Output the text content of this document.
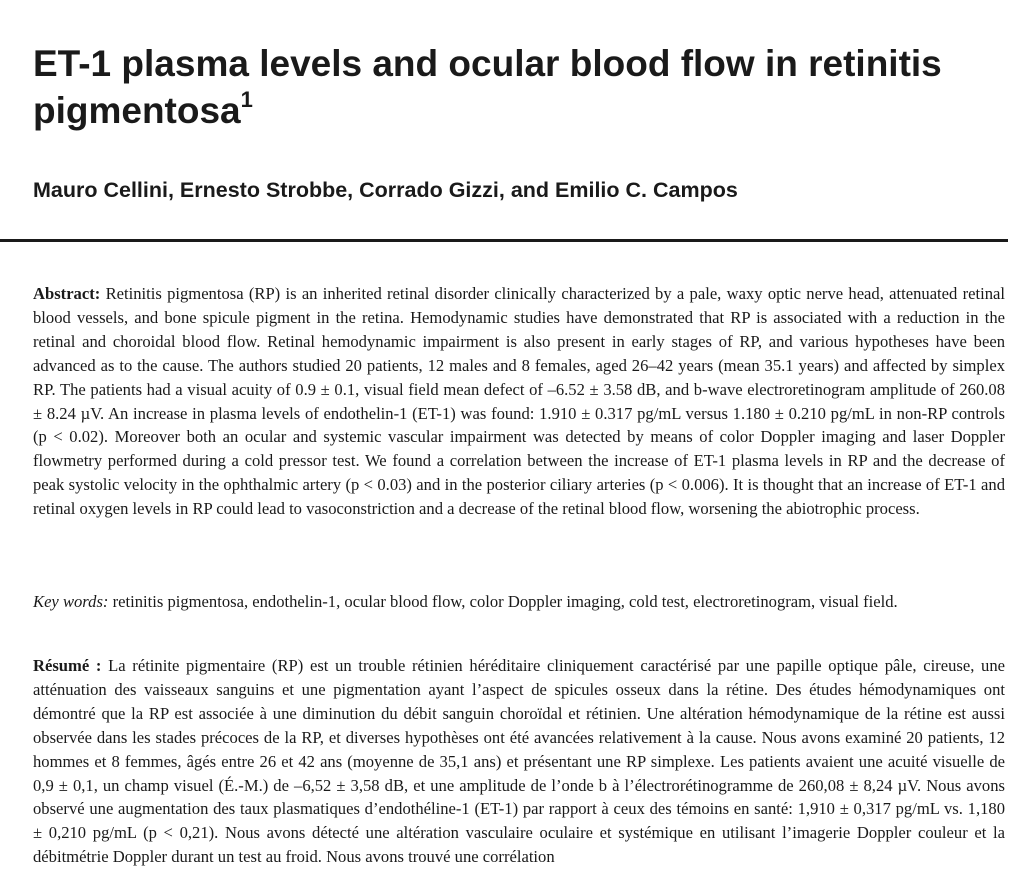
ET-1 plasma levels and ocular blood flow in retinitis pigmentosa$^1$

Mauro Cellini, Ernesto Strobbe, Corrado Gizzi, and Emilio C. Campos

Abstract: Retinitis pigmentosa (RP) is an inherited retinal disorder clinically characterized by a pale, waxy optic nerve head, attenuated retinal blood vessels, and bone spicule pigment in the retina. Hemodynamic studies have demonstrated that RP is associated with a reduction in the retinal and choroidal blood flow. Retinal hemodynamic impairment is also present in early stages of RP, and various hypotheses have been advanced as to the cause. The authors studied 20 patients, 12 males and 8 females, aged 26–42 years (mean 35.1 years) and affected by simplex RP. The patients had a visual acuity of 0.9 ± 0.1, visual field mean defect of –6.52 ± 3.58 dB, and b-wave electroretinogram amplitude of 260.08 ± 8.24 µV. An increase in plasma levels of endothelin-1 (ET-1) was found: 1.910 ± 0.317 pg/mL versus 1.180 ± 0.210 pg/mL in non-RP controls (p < 0.02). Moreover both an ocular and systemic vascular impairment was detected by means of color Doppler imaging and laser Doppler flowmetry performed during a cold pressor test. We found a correlation between the increase of ET-1 plasma levels in RP and the decrease of peak systolic velocity in the ophthalmic artery (p < 0.03) and in the posterior ciliary arteries (p < 0.006). It is thought that an increase of ET-1 and retinal oxygen levels in RP could lead to vasoconstriction and a decrease of the retinal blood flow, worsening the abiotrophic process.

Key words: retinitis pigmentosa, endothelin-1, ocular blood flow, color Doppler imaging, cold test, electroretinogram, visual field.

Résumé : La rétinite pigmentaire (RP) est un trouble rétinien héréditaire cliniquement caractérisé par une papille optique pâle, cireuse, une atténuation des vaisseaux sanguins et une pigmentation ayant l’aspect de spicules osseux dans la rétine. Des études hémodynamiques ont démontré que la RP est associée à une diminution du débit sanguin choroïdal et rétinien. Une altération hémodynamique de la rétine est aussi observée dans les stades précoces de la RP, et diverses hypothèses ont été avancées relativement à la cause. Nous avons examiné 20 patients, 12 hommes et 8 femmes, âgés entre 26 et 42 ans (moyenne de 35,1 ans) et présentant une RP simplexe. Les patients avaient une acuité visuelle de 0,9 ± 0,1, un champ visuel (É.-M.) de –6,52 ± 3,58 dB, et une amplitude de l’onde b à l’électrorétinogramme de 260,08 ± 8,24 µV. Nous avons observé une augmentation des taux plasmatiques d’endothéline-1 (ET-1) par rapport à ceux des témoins en santé: 1,910 ± 0,317 pg/mL vs. 1,180 ± 0,210 pg/mL (p < 0,21). Nous avons détecté une altération vasculaire oculaire et systémique en utilisant l’imagerie Doppler couleur et la débitmétrie Doppler durant un test au froid. Nous avons trouvé une corrélation
